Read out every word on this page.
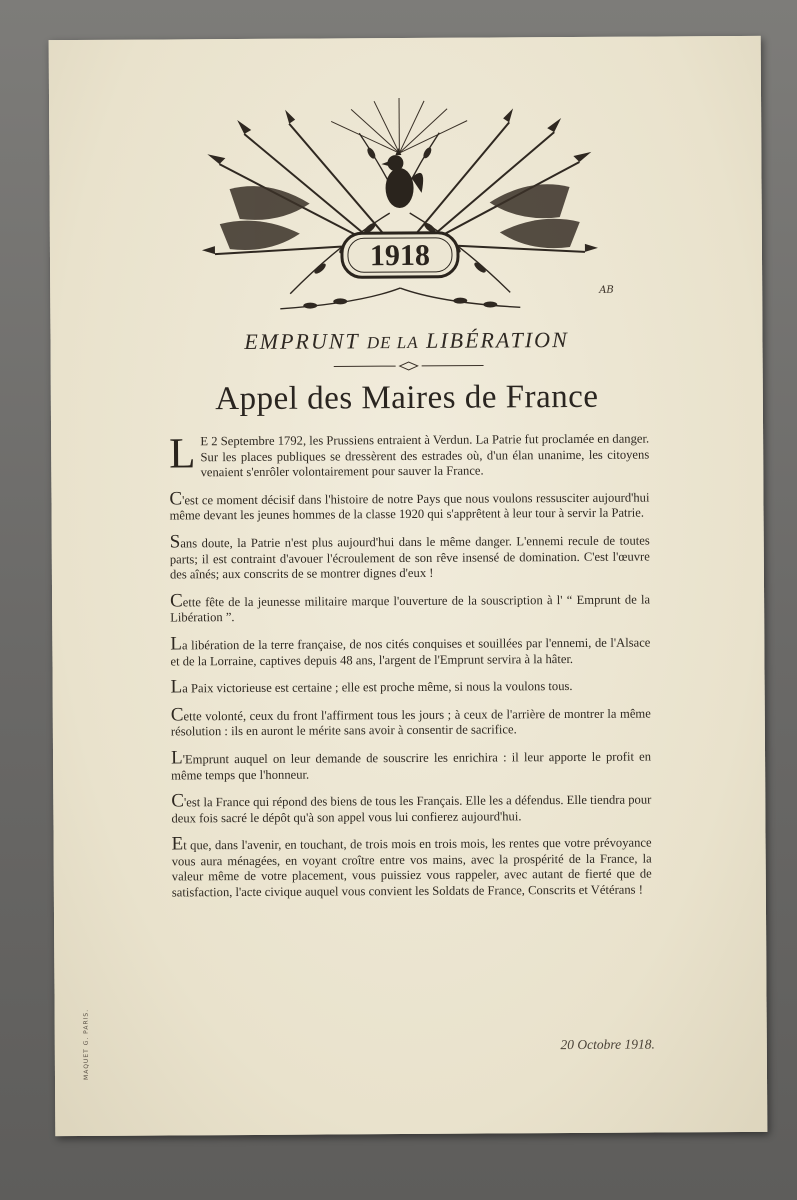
1918
AB
EMPRUNT DE LA LIBÉRATION
Appel des Maires de France

L E 2 Septembre 1792, les Prussiens entraient à Verdun. La Patrie fut proclamée en danger. Sur les places publiques se dressèrent des estrades où, d'un élan unanime, les citoyens venaient s'enrôler volontairement pour sauver la France.

C'est ce moment décisif dans l'histoire de notre Pays que nous voulons ressusciter aujourd'hui même devant les jeunes hommes de la classe 1920 qui s'apprêtent à leur tour à servir la Patrie.

Sans doute, la Patrie n'est plus aujourd'hui dans le même danger. L'ennemi recule de toutes parts; il est contraint d'avouer l'écroulement de son rêve insensé de domination. C'est l'œuvre des aînés; aux conscrits de se montrer dignes d'eux !

Cette fête de la jeunesse militaire marque l'ouverture de la souscription à l' “ Emprunt de la Libération ”.

La libération de la terre française, de nos cités conquises et souillées par l'ennemi, de l'Alsace et de la Lorraine, captives depuis 48 ans, l'argent de l'Emprunt servira à la hâter.

La Paix victorieuse est certaine ; elle est proche même, si nous la voulons tous.

Cette volonté, ceux du front l'affirment tous les jours ; à ceux de l'arrière de montrer la même résolution : ils en auront le mérite sans avoir à consentir de sacrifice.

L'Emprunt auquel on leur demande de souscrire les enrichira : il leur apporte le profit en même temps que l'honneur.

C'est la France qui répond des biens de tous les Français. Elle les a défendus. Elle tiendra pour deux fois sacré le dépôt qu'à son appel vous lui confierez aujourd'hui.

Et que, dans l'avenir, en touchant, de trois mois en trois mois, les rentes que votre prévoyance vous aura ménagées, en voyant croître entre vos mains, avec la prospérité de la France, la valeur même de votre placement, vous puissiez vous rappeler, avec autant de fierté que de satisfaction, l'acte civique auquel vous convient les Soldats de France, Conscrits et Vétérans !

20 Octobre 1918.
MAQUET G. PARIS.
